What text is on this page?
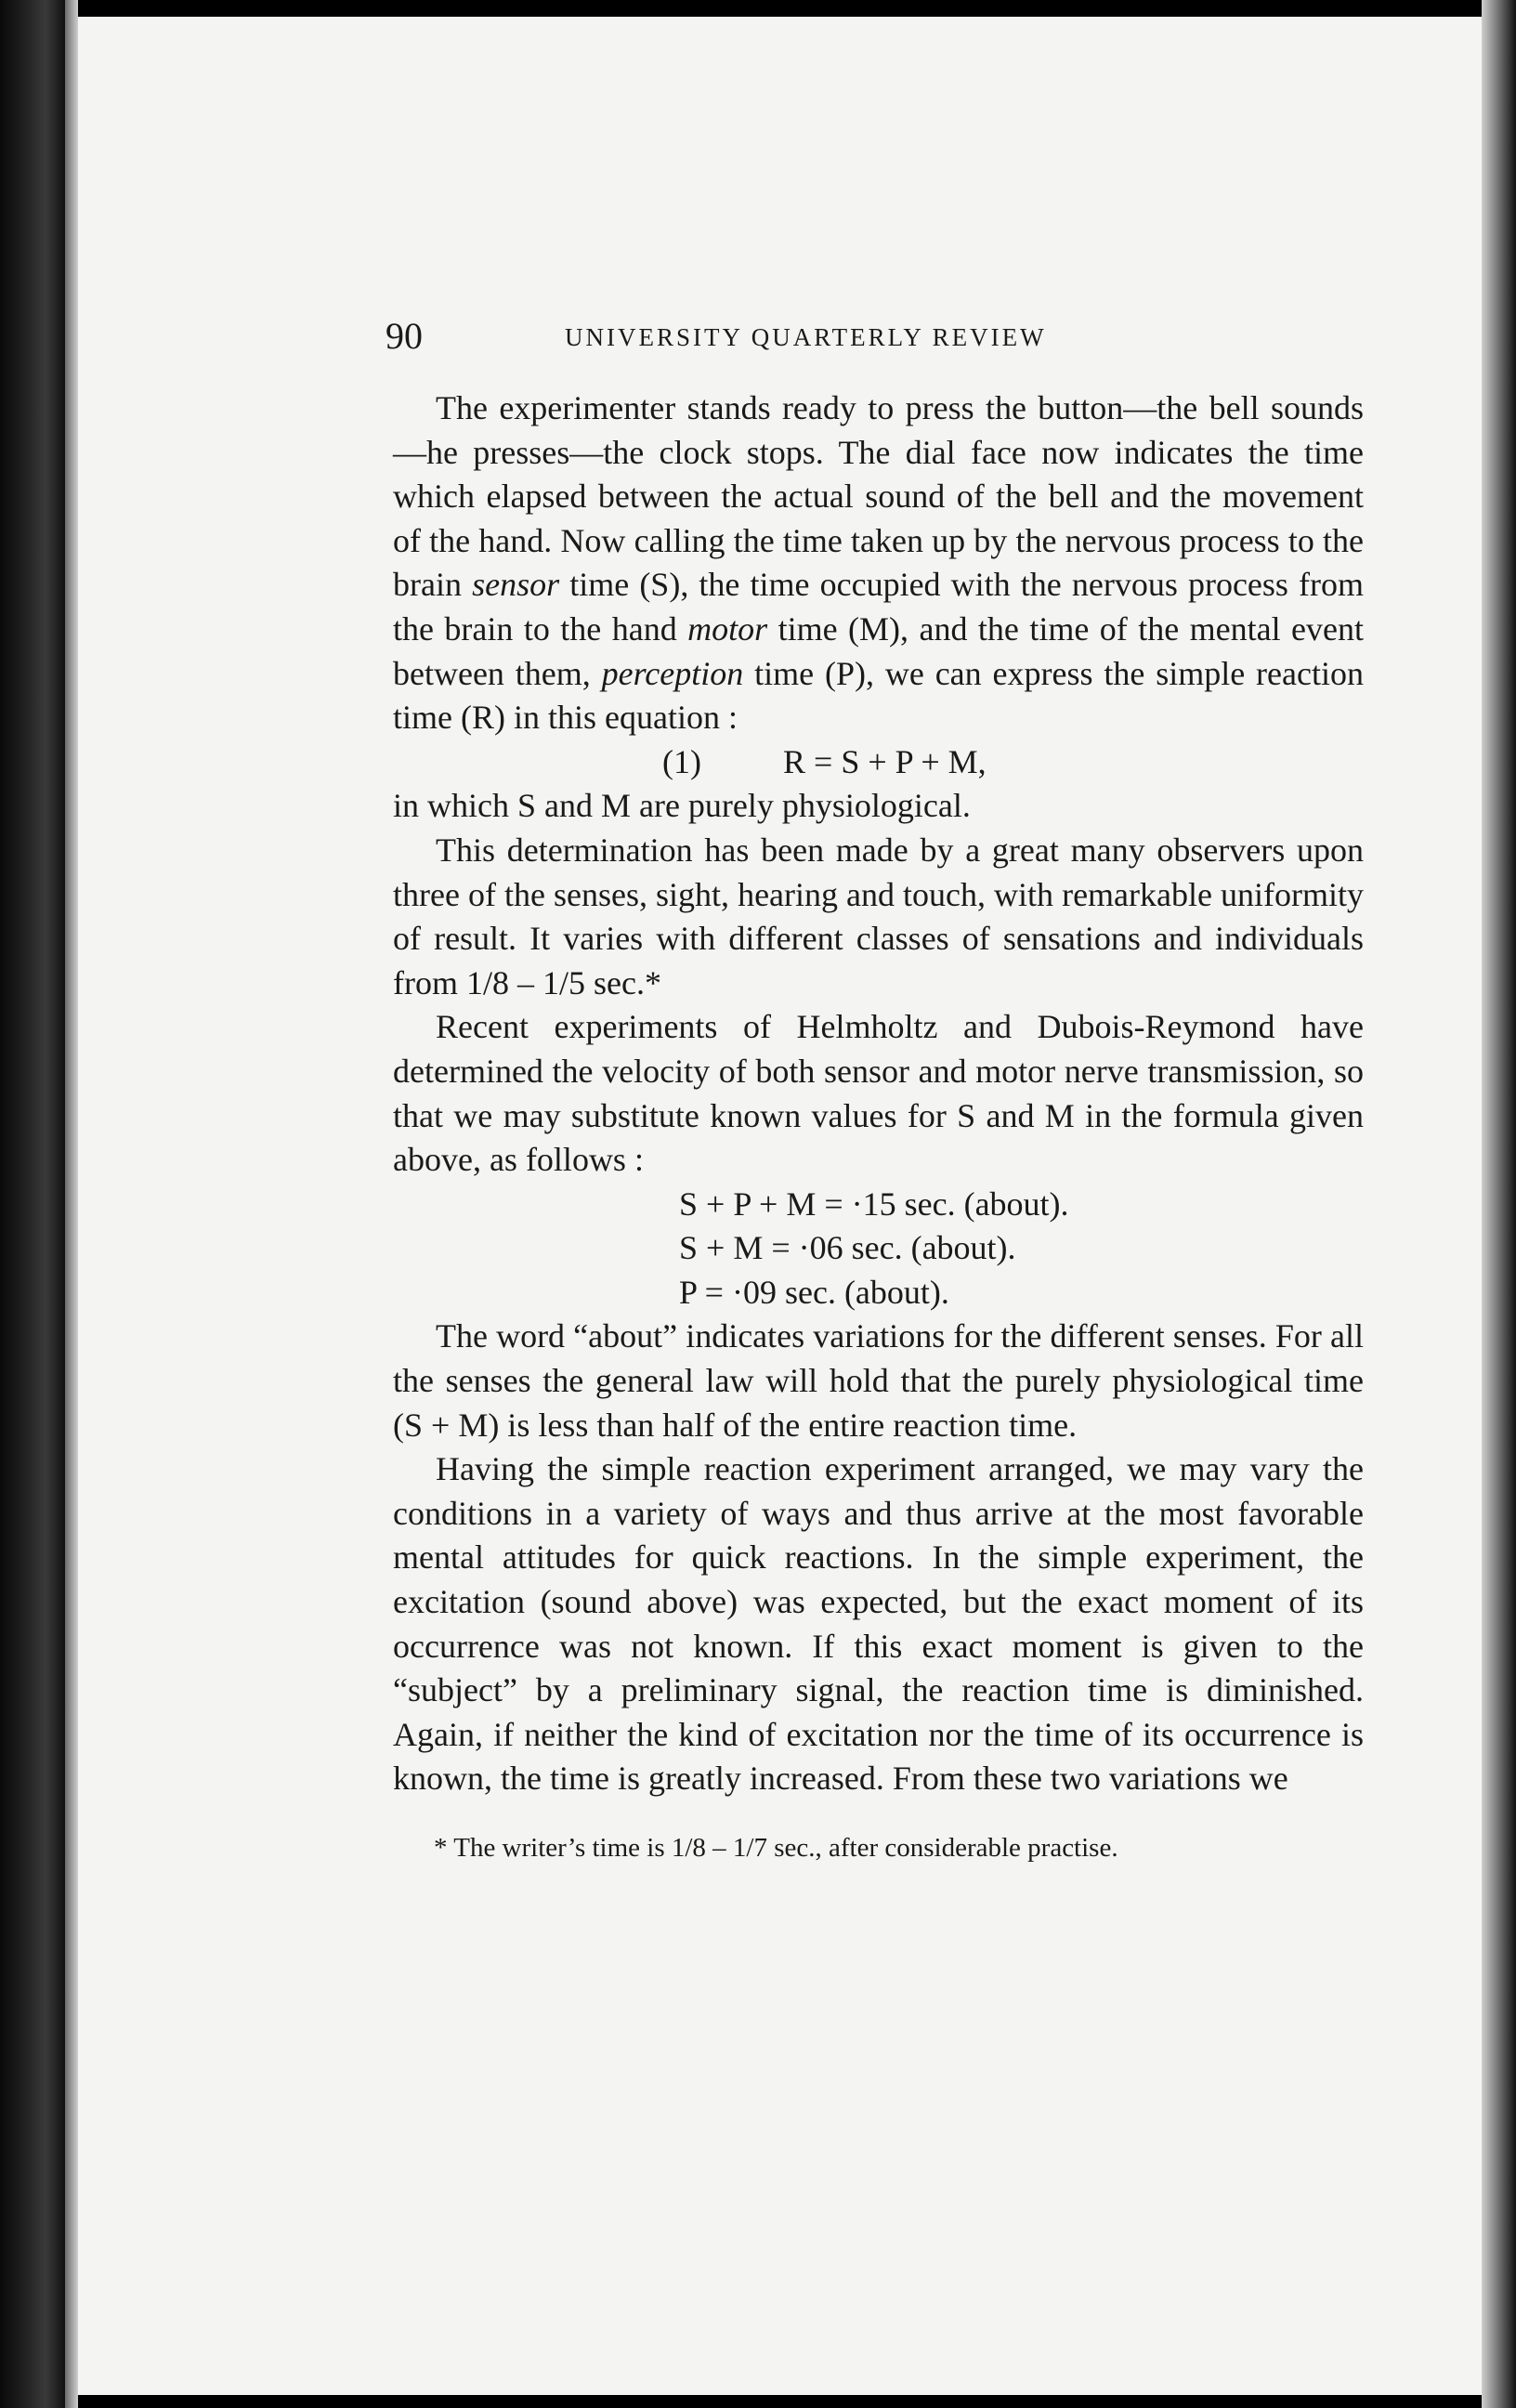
90	UNIVERSITY QUARTERLY REVIEW

The experimenter stands ready to press the button—the bell sounds—he presses—the clock stops. The dial face now indicates the time which elapsed between the actual sound of the bell and the movement of the hand. Now calling the time taken up by the nervous process to the brain sensor time (S), the time occupied with the nervous process from the brain to the hand motor time (M), and the time of the mental event between them, perception time (P), we can express the simple reaction time (R) in this equation :

(1) R = S + P + M,

in which S and M are purely physiological.

This determination has been made by a great many observers upon three of the senses, sight, hearing and touch, with remarkable uniformity of result. It varies with different classes of sensations and individuals from 1/8 – 1/5 sec.*

Recent experiments of Helmholtz and Dubois-Reymond have determined the velocity of both sensor and motor nerve transmission, so that we may substitute known values for S and M in the formula given above, as follows :

S + P + M = ·15 sec. (about).
S + M = ·06 sec. (about).
P = ·09 sec. (about).

The word “about” indicates variations for the different senses. For all the senses the general law will hold that the purely physiological time (S + M) is less than half of the entire reaction time.

Having the simple reaction experiment arranged, we may vary the conditions in a variety of ways and thus arrive at the most favorable mental attitudes for quick reactions. In the simple experiment, the excitation (sound above) was expected, but the exact moment of its occurrence was not known. If this exact moment is given to the “subject” by a preliminary signal, the reaction time is diminished. Again, if neither the kind of excitation nor the time of its occurrence is known, the time is greatly increased. From these two variations we

* The writer’s time is 1/8 – 1/7 sec., after considerable practise.
